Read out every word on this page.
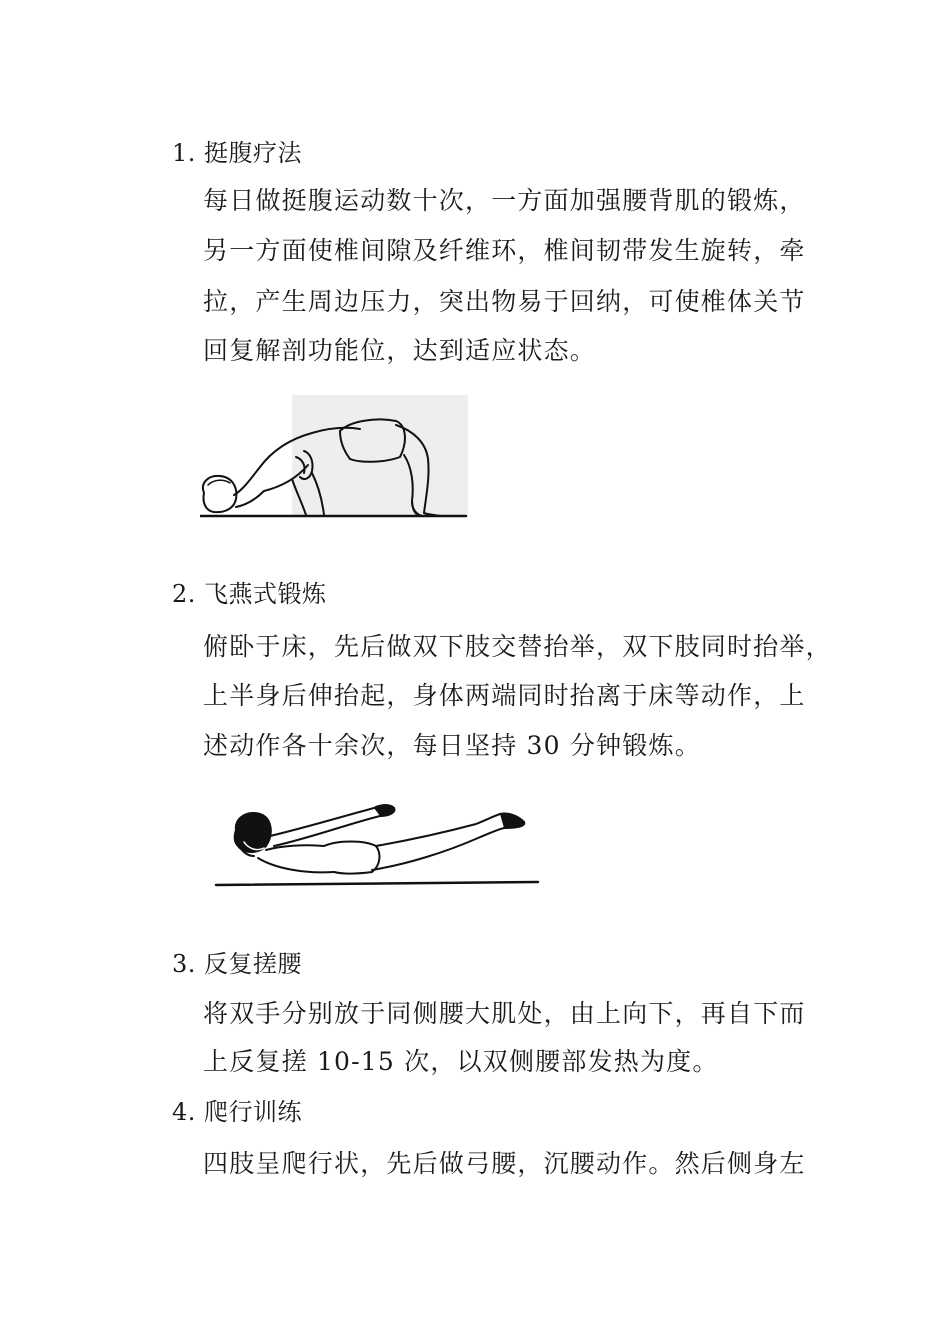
1. 挺腹疗法
每日做挺腹运动数十次，一方面加强腰背肌的锻炼，
另一方面使椎间隙及纤维环，椎间韧带发生旋转，牵
拉，产生周边压力，突出物易于回纳，可使椎体关节
回复解剖功能位，达到适应状态。
2. 飞燕式锻炼
俯卧于床，先后做双下肢交替抬举，双下肢同时抬举，
上半身后伸抬起，身体两端同时抬离于床等动作，上
述动作各十余次，每日坚持 30 分钟锻炼。
3. 反复搓腰
将双手分别放于同侧腰大肌处，由上向下，再自下而
上反复搓 10-15 次，以双侧腰部发热为度。
4. 爬行训练
四肢呈爬行状，先后做弓腰，沉腰动作。然后侧身左
